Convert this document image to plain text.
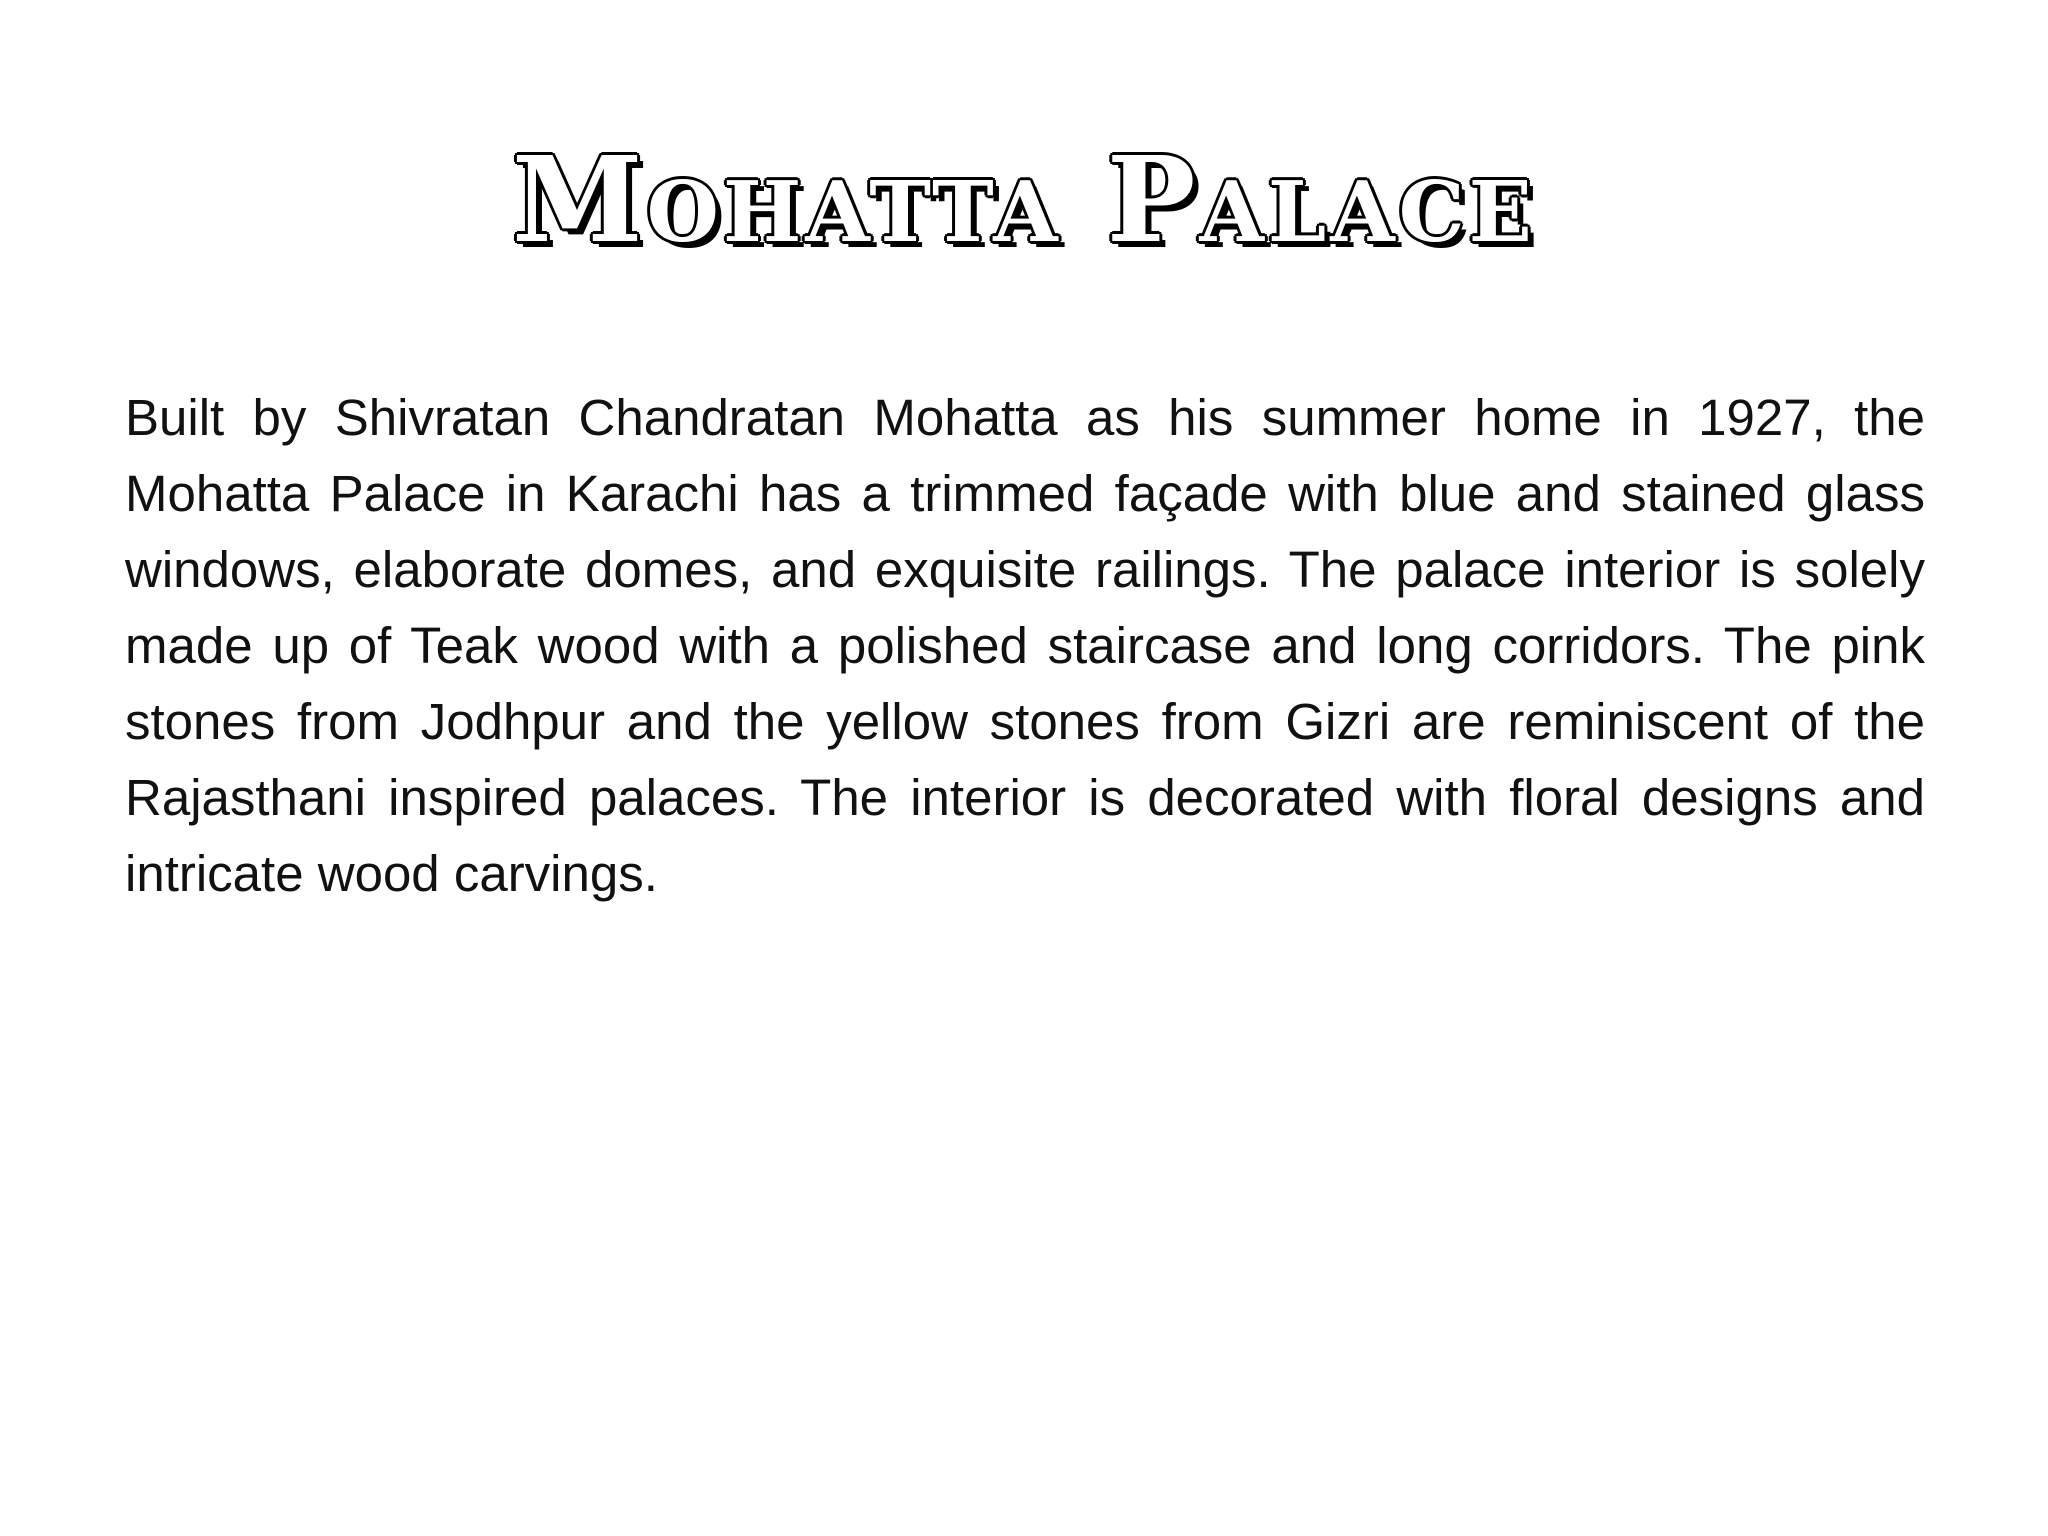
Mohatta Palace
Built by Shivratan Chandratan Mohatta as his summer home in 1927, the Mohatta Palace in Karachi has a trimmed façade with blue and stained glass windows, elaborate domes, and exquisite railings. The palace interior is solely made up of Teak wood with a polished staircase and long corridors. The pink stones from Jodhpur and the yellow stones from Gizri are reminiscent of the Rajasthani inspired palaces. The interior is decorated with floral designs and intricate wood carvings.
